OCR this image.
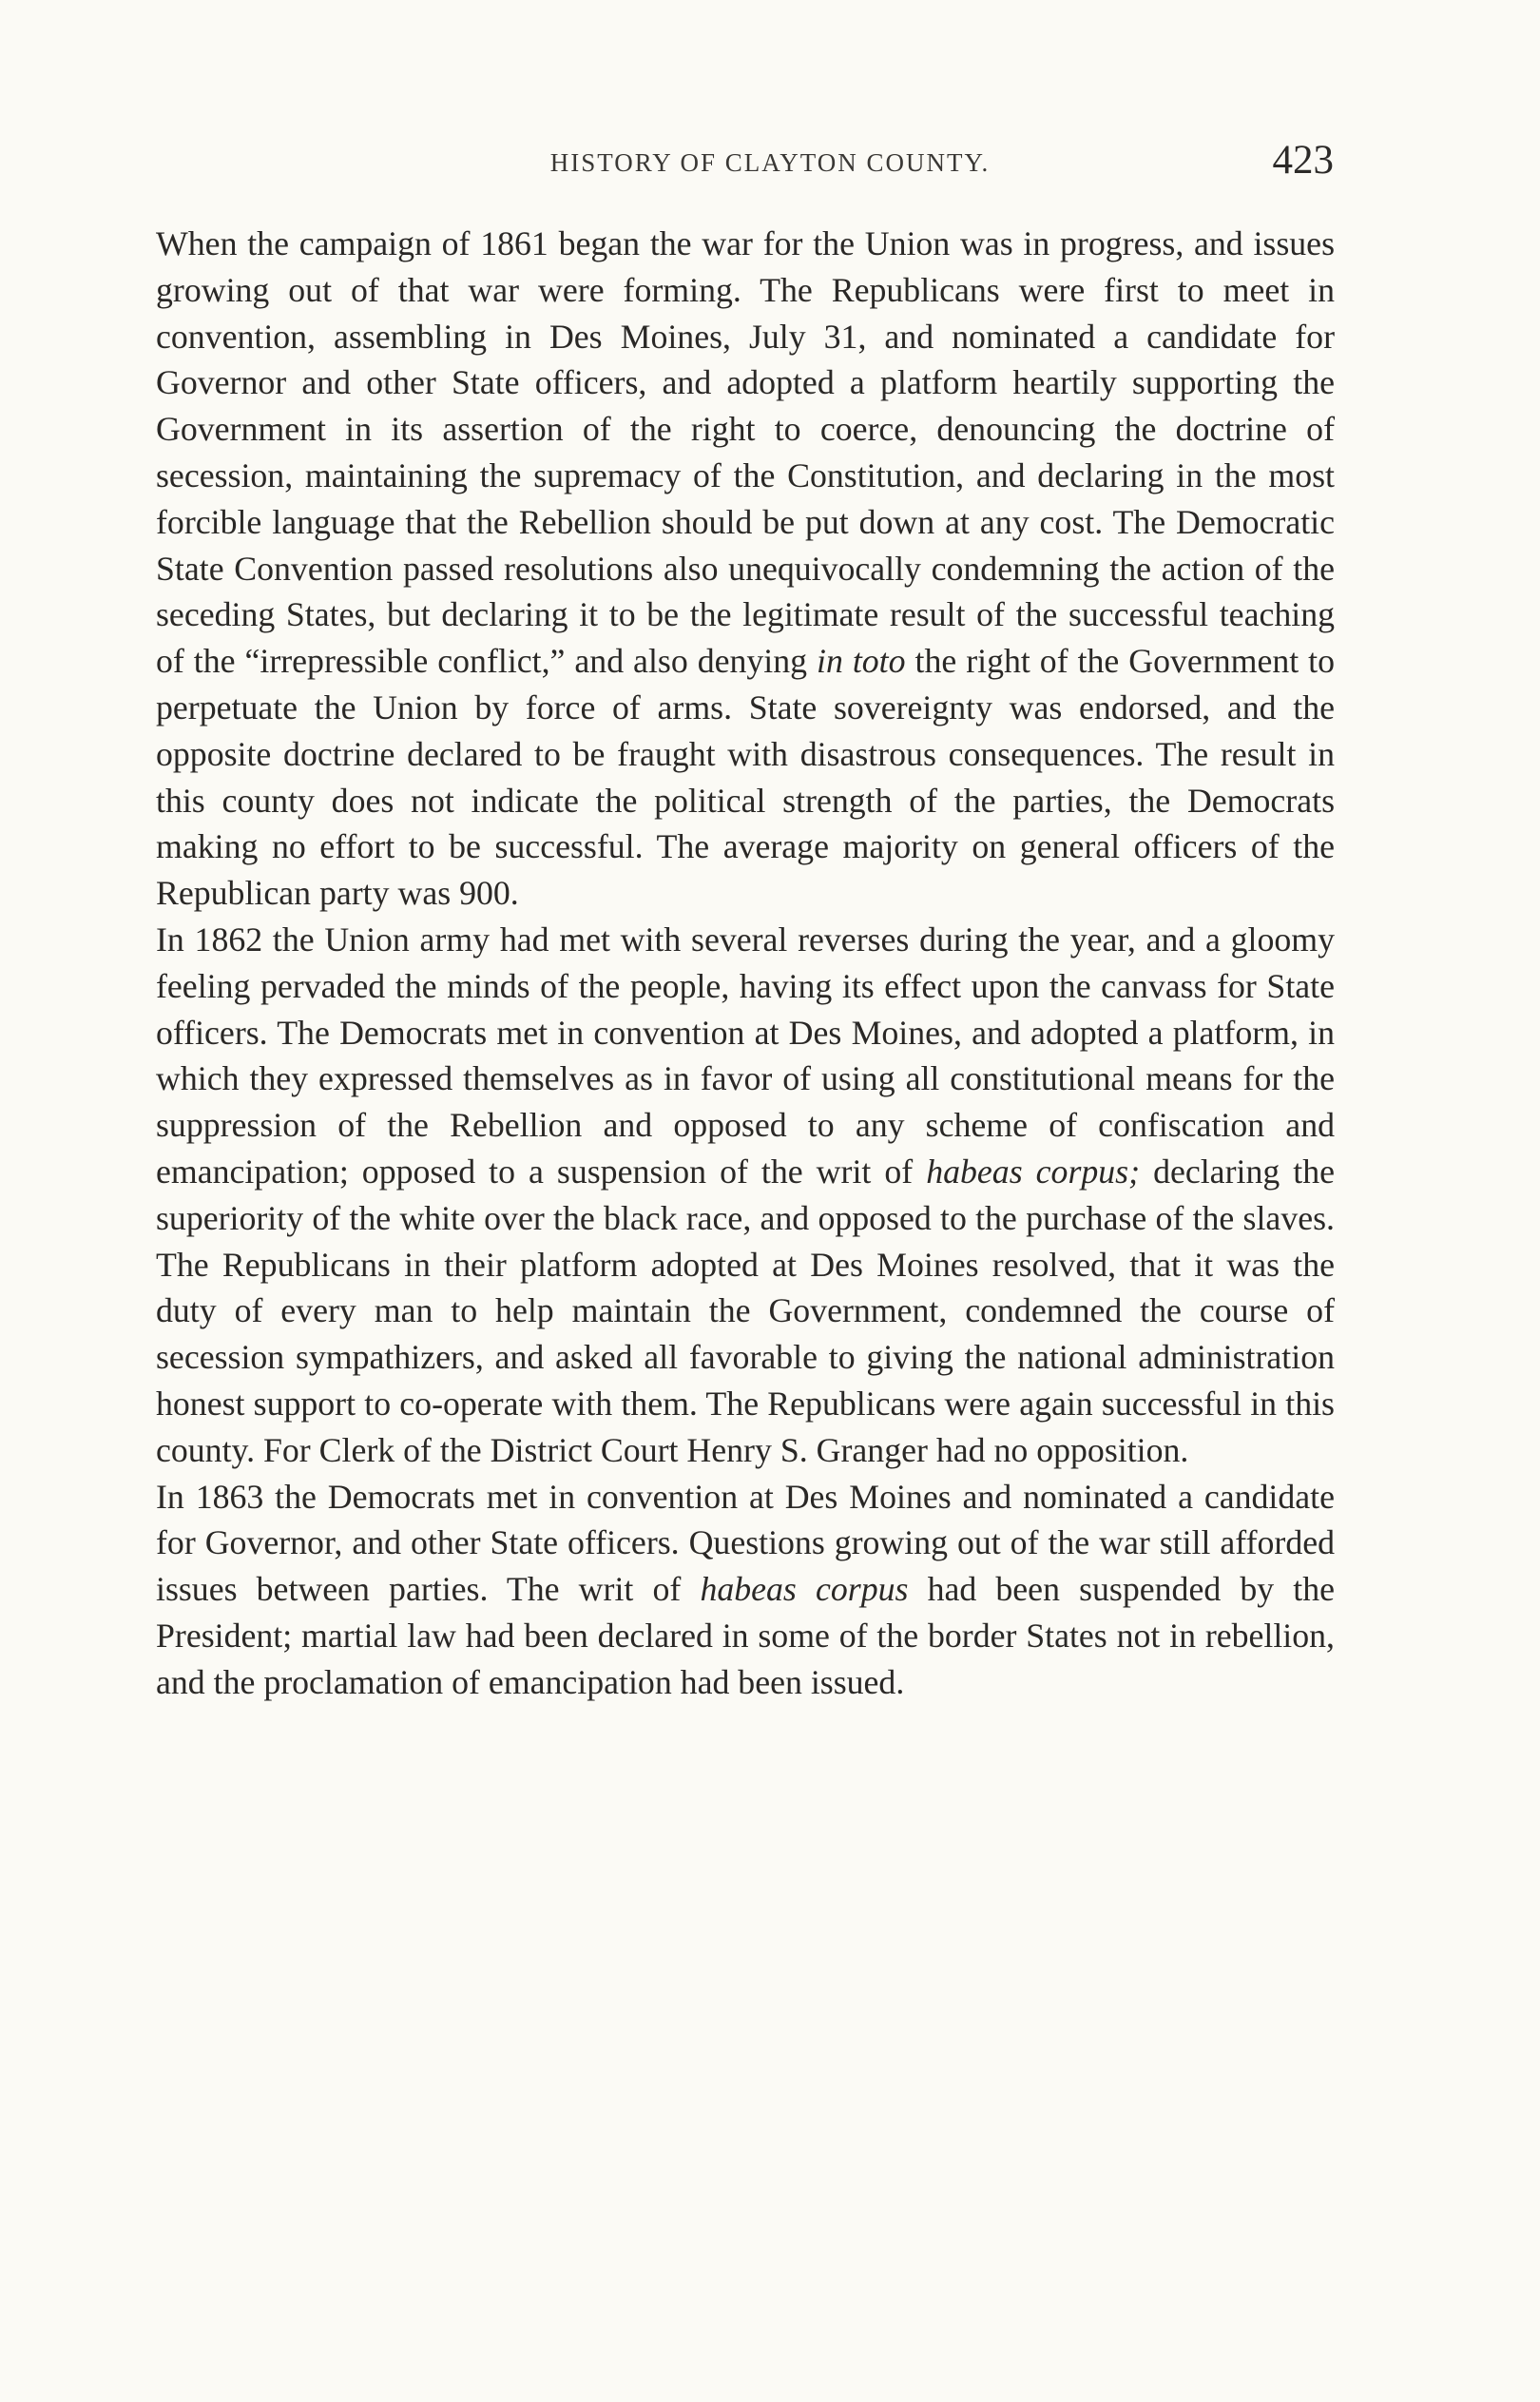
HISTORY OF CLAYTON COUNTY.	423

When the campaign of 1861 began the war for the Union was in progress, and issues growing out of that war were forming. The Republicans were first to meet in convention, assembling in Des Moines, July 31, and nominated a candidate for Governor and other State officers, and adopted a platform heartily supporting the Government in its assertion of the right to coerce, denouncing the doctrine of secession, maintaining the supremacy of the Constitution, and declaring in the most forcible language that the Rebellion should be put down at any cost. The Democratic State Convention passed resolutions also unequivocally condemning the action of the seceding States, but declaring it to be the legitimate result of the successful teaching of the “irrepressible conflict,” and also denying in toto the right of the Government to perpetuate the Union by force of arms. State sovereignty was endorsed, and the opposite doctrine declared to be fraught with disastrous consequences. The result in this county does not indicate the political strength of the parties, the Democrats making no effort to be successful. The average majority on general officers of the Republican party was 900.

In 1862 the Union army had met with several reverses during the year, and a gloomy feeling pervaded the minds of the people, having its effect upon the canvass for State officers. The Democrats met in convention at Des Moines, and adopted a platform, in which they expressed themselves as in favor of using all constitutional means for the suppression of the Rebellion and opposed to any scheme of confiscation and emancipation; opposed to a suspension of the writ of habeas corpus; declaring the superiority of the white over the black race, and opposed to the purchase of the slaves. The Republicans in their platform adopted at Des Moines resolved, that it was the duty of every man to help maintain the Government, condemned the course of secession sympathizers, and asked all favorable to giving the national administration honest support to co-operate with them. The Republicans were again successful in this county. For Clerk of the District Court Henry S. Granger had no opposition.

In 1863 the Democrats met in convention at Des Moines and nominated a candidate for Governor, and other State officers. Questions growing out of the war still afforded issues between parties. The writ of habeas corpus had been suspended by the President; martial law had been declared in some of the border States not in rebellion, and the proclamation of emancipation had been issued.
